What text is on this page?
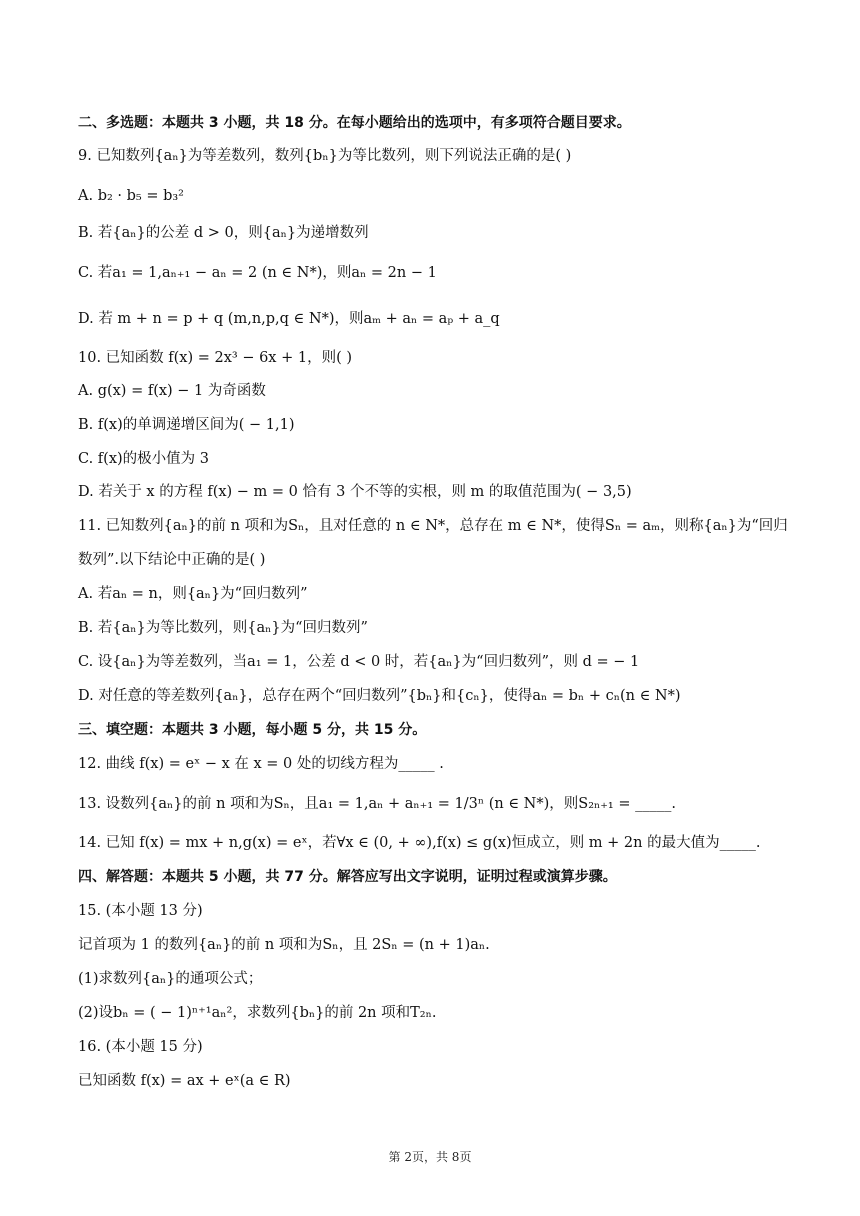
二、多选题：本题共 3 小题，共 18 分。在每小题给出的选项中，有多项符合题目要求。
9. 已知数列{aₙ}为等差数列，数列{bₙ}为等比数列，则下列说法正确的是( )
A. b₂ · b₅ = b₃²
B. 若{aₙ}的公差 d > 0，则{aₙ}为递增数列
C. 若a₁ = 1,aₙ₊₁ − aₙ = 2 (n ∈ N*)，则aₙ = 2n − 1
D. 若 m + n = p + q (m,n,p,q ∈ N*)，则aₘ + aₙ = aₚ + a_q
10. 已知函数 f(x) = 2x³ − 6x + 1，则( )
A. g(x) = f(x) − 1 为奇函数
B. f(x)的单调递增区间为( − 1,1)
C. f(x)的极小值为 3
D. 若关于 x 的方程 f(x) − m = 0 恰有 3 个不等的实根，则 m 的取值范围为( − 3,5)
11. 已知数列{aₙ}的前 n 项和为Sₙ，且对任意的 n ∈ N*，总存在 m ∈ N*，使得Sₙ = aₘ，则称{aₙ}为“回归
数列”.以下结论中正确的是( )
A. 若aₙ = n，则{aₙ}为“回归数列”
B. 若{aₙ}为等比数列，则{aₙ}为“回归数列”
C. 设{aₙ}为等差数列，当a₁ = 1，公差 d < 0 时，若{aₙ}为“回归数列”，则 d = − 1
D. 对任意的等差数列{aₙ}，总存在两个“回归数列”{bₙ}和{cₙ}，使得aₙ = bₙ + cₙ(n ∈ N*)
三、填空题：本题共 3 小题，每小题 5 分，共 15 分。
12. 曲线 f(x) = eˣ − x 在 x = 0 处的切线方程为_____ .
13. 设数列{aₙ}的前 n 项和为Sₙ，且a₁ = 1,aₙ + aₙ₊₁ = 1/3ⁿ (n ∈ N*)，则S₂ₙ₊₁ = _____.
14. 已知 f(x) = mx + n,g(x) = eˣ，若∀x ∈ (0, + ∞),f(x) ≤ g(x)恒成立，则 m + 2n 的最大值为_____.
四、解答题：本题共 5 小题，共 77 分。解答应写出文字说明，证明过程或演算步骤。
15. (本小题 13 分)
记首项为 1 的数列{aₙ}的前 n 项和为Sₙ，且 2Sₙ = (n + 1)aₙ.
(1)求数列{aₙ}的通项公式；
(2)设bₙ = ( − 1)ⁿ⁺¹aₙ²，求数列{bₙ}的前 2n 项和T₂ₙ.
16. (本小题 15 分)
已知函数 f(x) = ax + eˣ(a ∈ R)
第 2页，共 8页
